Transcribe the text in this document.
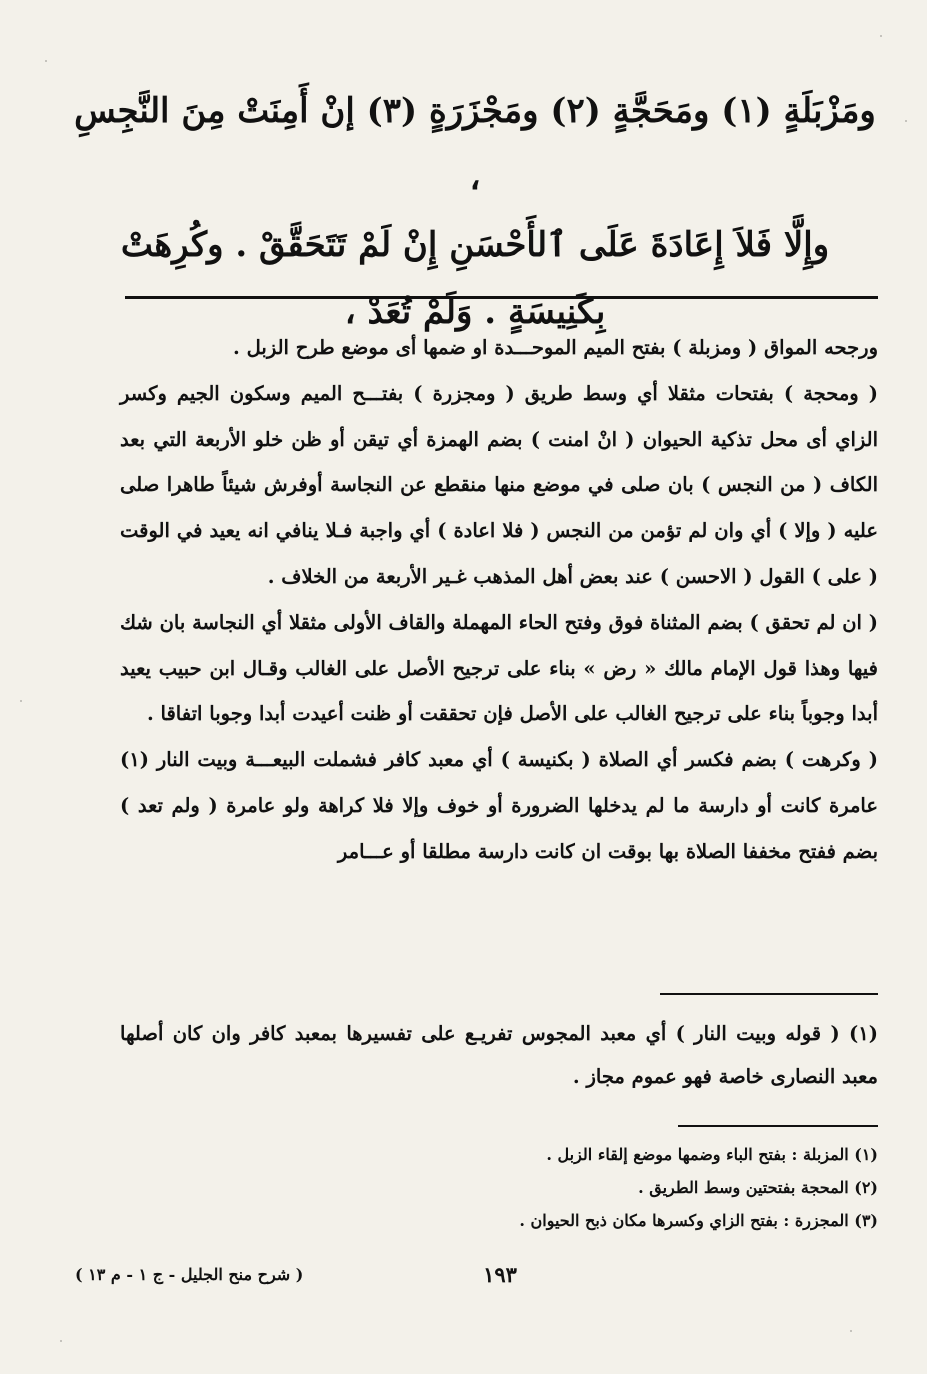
ومَزْبَلَةٍ (١) ومَحَجَّةٍ (٢) ومَجْزَرَةٍ (٣) إنْ أَمِنَتْ مِنَ النَّجِسِ ،

وإِلَّا فَلاَ إِعَادَةَ عَلَى ٱلأَحْسَنِ إِنْ لَمْ تَتَحَقَّقْ . وكُرِهَتْ

بِكَنِيسَةٍ . وَلَمْ تُعَدْ ،

ورجحه المواق ( ومزبلة ) بفتح الميم الموحـــدة او ضمها أى موضع طرح الزبل .

( ومحجة ) بفتحات مثقلا أي وسط طريق ( ومجزرة ) بفتـــح الميم وسكون الجيم وكسر الزاي أى محل تذكية الحيوان ( انْ امنت ) بضم الهمزة أي تيقن أو ظن خلو الأربعة التي بعد الكاف ( من النجس ) بان صلى في موضع منها منقطع عن النجاسة أوفرش شيئاً طاهرا صلى عليه ( وإلا ) أي وان لم تؤمن من النجس ( فلا اعادة ) أي واجبة فـلا ينافي انه يعيد في الوقت ( على ) القول ( الاحسن ) عند بعض أهل المذهب غـير الأربعة من الخلاف .

( ان لم تحقق ) بضم المثناة فوق وفتح الحاء المهملة والقاف الأولى مثقلا أي النجاسة بان شك فيها وهذا قول الإمام مالك « رض » بناء على ترجيح الأصل على الغالب وقـال ابن حبيب يعيد أبدا وجوباً بناء على ترجيح الغالب على الأصل فإن تحققت أو ظنت أعيدت أبدا وجوبا اتفاقا .

( وكرهت ) بضم فكسر أي الصلاة ( بكنيسة ) أي معبد كافر فشملت البيعـــة وبيت النار (١) عامرة كانت أو دارسة ما لم يدخلها الضرورة أو خوف وإلا فلا كراهة ولو عامرة ( ولم تعد ) بضم ففتح مخففا الصلاة بها بوقت ان كانت دارسة مطلقا أو عـــامر

(١) ( قوله وبيت النار ) أي معبد المجوس تفريـع على تفسيرها بمعبد كافر وان كان أصلها معبد النصارى خاصة فهو عموم مجاز .
(١) المزبلة : بفتح الباء وضمها موضع إلقاء الزبل .
(٢) المحجة بفتحتين وسط الطريق .
(٣) المجزرة : بفتح الزاي وكسرها مكان ذبح الحيوان .
١٩٣
( شرح منح الجليل - ج ١ - م ١٣ )
